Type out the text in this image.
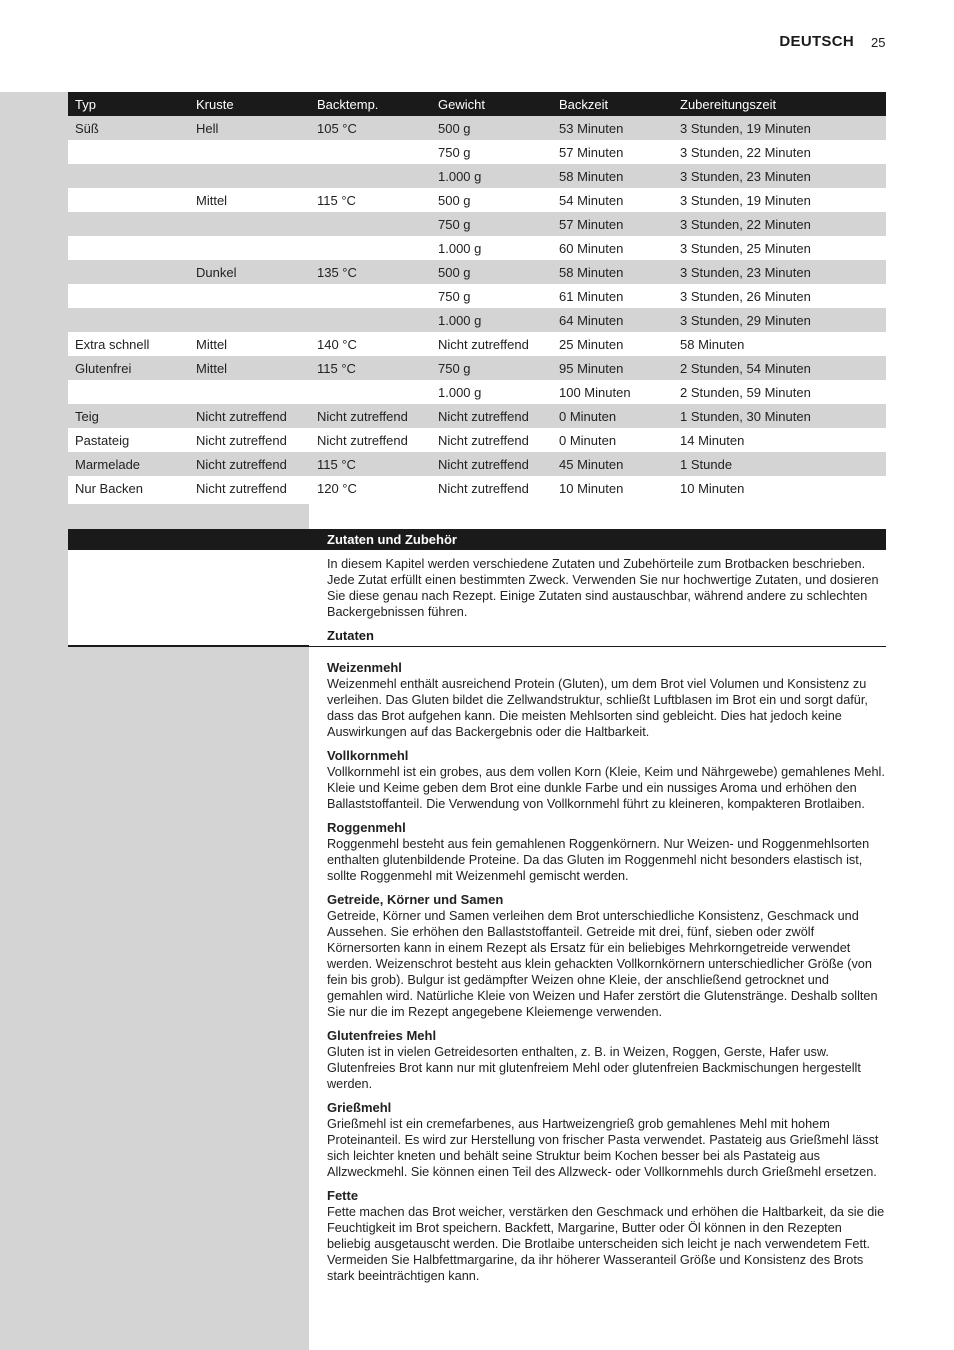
DEUTSCH 25
Typ	Kruste	Backtemp.	Gewicht	Backzeit	Zubereitungszeit
Süß	Hell	105 °C	500 g	53 Minuten	3 Stunden, 19 Minuten
			750 g	57 Minuten	3 Stunden, 22 Minuten
			1.000 g	58 Minuten	3 Stunden, 23 Minuten
	Mittel	115 °C	500 g	54 Minuten	3 Stunden, 19 Minuten
			750 g	57 Minuten	3 Stunden, 22 Minuten
			1.000 g	60 Minuten	3 Stunden, 25 Minuten
	Dunkel	135 °C	500 g	58 Minuten	3 Stunden, 23 Minuten
			750 g	61 Minuten	3 Stunden, 26 Minuten
			1.000 g	64 Minuten	3 Stunden, 29 Minuten
Extra schnell	Mittel	140 °C	Nicht zutreffend	25 Minuten	58 Minuten
Glutenfrei	Mittel	115 °C	750 g	95 Minuten	2 Stunden, 54 Minuten
			1.000 g	100 Minuten	2 Stunden, 59 Minuten
Teig	Nicht zutreffend	Nicht zutreffend	Nicht zutreffend	0 Minuten	1 Stunden, 30 Minuten
Pastateig	Nicht zutreffend	Nicht zutreffend	Nicht zutreffend	0 Minuten	14 Minuten
Marmelade	Nicht zutreffend	115 °C	Nicht zutreffend	45 Minuten	1 Stunde
Nur Backen	Nicht zutreffend	120 °C	Nicht zutreffend	10 Minuten	10 Minuten
Zutaten und Zubehör
In diesem Kapitel werden verschiedene Zutaten und Zubehörteile zum Brotbacken beschrieben. Jede Zutat erfüllt einen bestimmten Zweck. Verwenden Sie nur hochwertige Zutaten, und dosieren Sie diese genau nach Rezept. Einige Zutaten sind austauschbar, während andere zu schlechten Backergebnissen führen.
Zutaten
Weizenmehl

Weizenmehl enthält ausreichend Protein (Gluten), um dem Brot viel Volumen und Konsistenz zu verleihen. Das Gluten bildet die Zellwandstruktur, schließt Luftblasen im Brot ein und sorgt dafür, dass das Brot aufgehen kann. Die meisten Mehlsorten sind gebleicht. Dies hat jedoch keine Auswirkungen auf das Backergebnis oder die Haltbarkeit.

Vollkornmehl

Vollkornmehl ist ein grobes, aus dem vollen Korn (Kleie, Keim und Nährgewebe) gemahlenes Mehl. Kleie und Keime geben dem Brot eine dunkle Farbe und ein nussiges Aroma und erhöhen den Ballaststoffanteil. Die Verwendung von Vollkornmehl führt zu kleineren, kompakteren Brotlaiben.

Roggenmehl

Roggenmehl besteht aus fein gemahlenen Roggenkörnern. Nur Weizen- und Roggenmehlsorten enthalten glutenbildende Proteine. Da das Gluten im Roggenmehl nicht besonders elastisch ist, sollte Roggenmehl mit Weizenmehl gemischt werden.

Getreide, Körner und Samen

Getreide, Körner und Samen verleihen dem Brot unterschiedliche Konsistenz, Geschmack und Aussehen. Sie erhöhen den Ballaststoffanteil. Getreide mit drei, fünf, sieben oder zwölf Körnersorten kann in einem Rezept als Ersatz für ein beliebiges Mehrkorngetreide verwendet werden. Weizenschrot besteht aus klein gehackten Vollkornkörnern unterschiedlicher Größe (von fein bis grob). Bulgur ist gedämpfter Weizen ohne Kleie, der anschließend getrocknet und gemahlen wird. Natürliche Kleie von Weizen und Hafer zerstört die Glutenstränge. Deshalb sollten Sie nur die im Rezept angegebene Kleiemenge verwenden.

Glutenfreies Mehl

Gluten ist in vielen Getreidesorten enthalten, z. B. in Weizen, Roggen, Gerste, Hafer usw. Glutenfreies Brot kann nur mit glutenfreiem Mehl oder glutenfreien Backmischungen hergestellt werden.

Grießmehl

Grießmehl ist ein cremefarbenes, aus Hartweizengrieß grob gemahlenes Mehl mit hohem Proteinanteil. Es wird zur Herstellung von frischer Pasta verwendet. Pastateig aus Grießmehl lässt sich leichter kneten und behält seine Struktur beim Kochen besser bei als Pastateig aus Allzweckmehl. Sie können einen Teil des Allzweck- oder Vollkornmehls durch Grießmehl ersetzen.

Fette

Fette machen das Brot weicher, verstärken den Geschmack und erhöhen die Haltbarkeit, da sie die Feuchtigkeit im Brot speichern. Backfett, Margarine, Butter oder Öl können in den Rezepten beliebig ausgetauscht werden. Die Brotlaibe unterscheiden sich leicht je nach verwendetem Fett. Vermeiden Sie Halbfettmargarine, da ihr höherer Wasseranteil Größe und Konsistenz des Brots stark beeinträchtigen kann.
